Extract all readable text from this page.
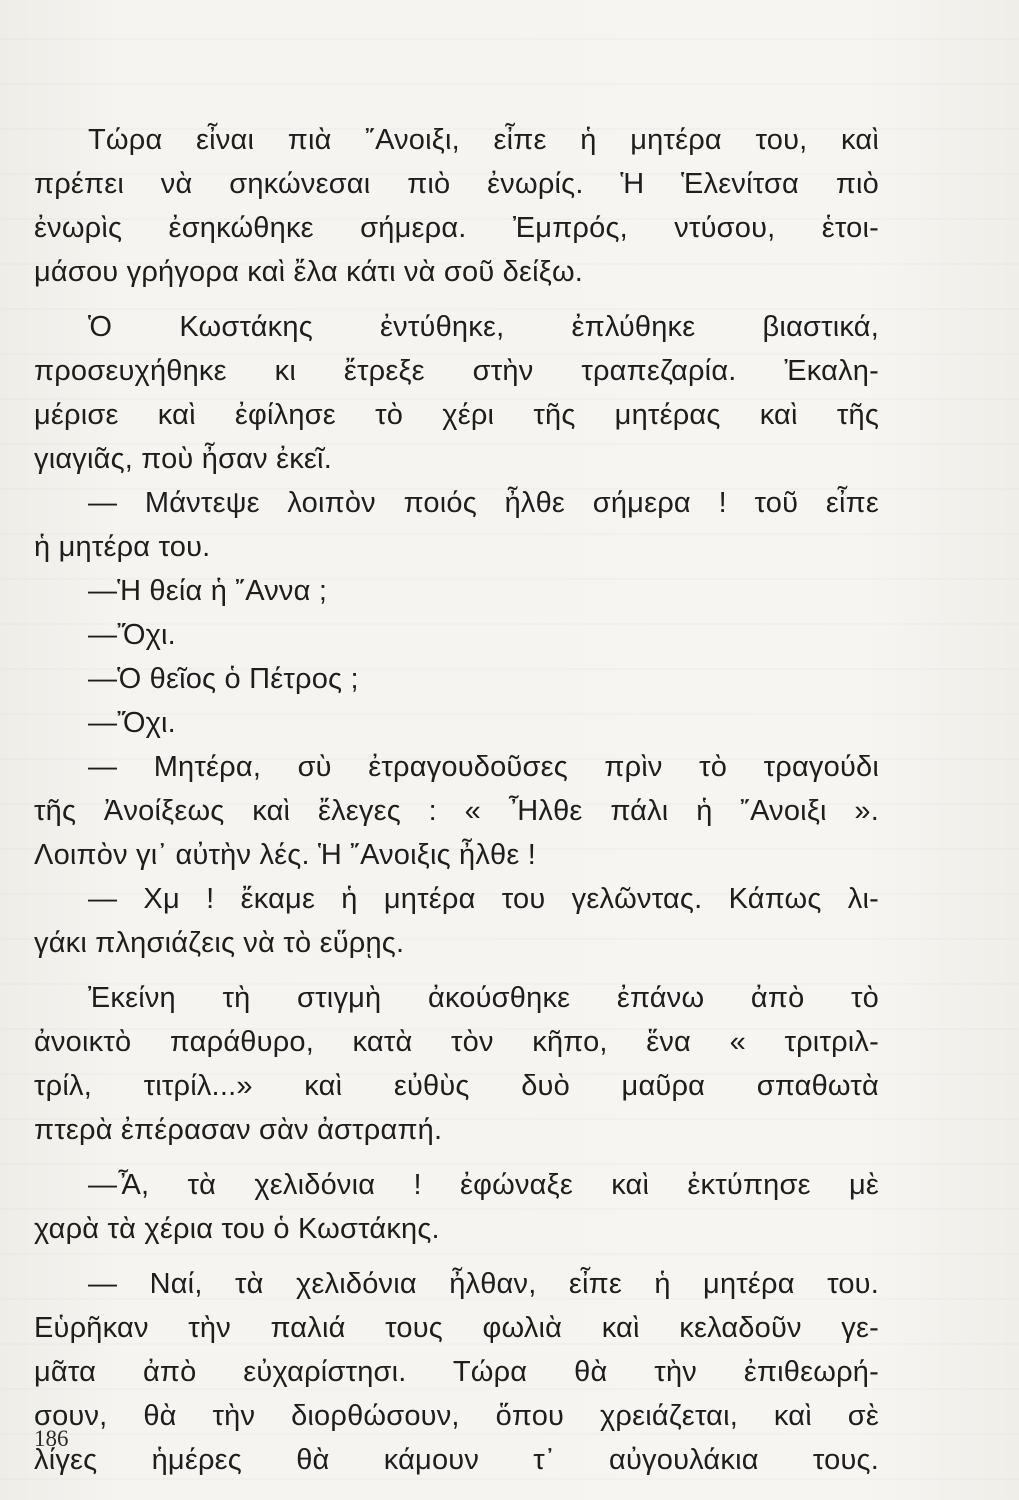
Τώρα εἶναι πιὰ ῎Ανοιξι, εἶπε ἡ μητέρα του, καὶ
πρέπει νὰ σηκώνεσαι πιὸ ἐνωρίς. Ἡ Ἑλενίτσα πιὸ
ἐνωρὶς ἐσηκώθηκε σήμερα. Ἐμπρός, ντύσου, ἑτοι-
μάσου γρήγορα καὶ ἔλα κάτι νὰ σοῦ δείξω.
Ὁ Κωστάκης ἐντύθηκε, ἐπλύθηκε βιαστικά,
προσευχήθηκε κι ἔτρεξε στὴν τραπεζαρία. Ἐκαλη-
μέρισε καὶ ἐφίλησε τὸ χέρι τῆς μητέρας καὶ τῆς
γιαγιᾶς, ποὺ ἦσαν ἐκεῖ.
— Μάντεψε λοιπὸν ποιός ἦλθε σήμερα ! τοῦ εἶπε
ἡ μητέρα του.
—Ἡ θεία ἡ ῎Αννα ;
—Ὄχι.
—Ὁ θεῖος ὁ Πέτρος ;
—Ὄχι.
— Μητέρα, σὺ ἐτραγουδοῦσες πρὶν τὸ τραγούδι
τῆς Ἀνοίξεως καὶ ἔλεγες : « Ἦλθε πάλι ἡ ῎Ανοιξι ».
Λοιπὸν γι᾽ αὐτὴν λές. Ἡ ῎Ανοιξις ἦλθε !
— Χμ ! ἔκαμε ἡ μητέρα του γελῶντας. Κάπως λι-
γάκι πλησιάζεις νὰ τὸ εὕρῃς.
Ἐκείνη τὴ στιγμὴ ἀκούσθηκε ἐπάνω ἀπὸ τὸ
ἀνοικτὸ παράθυρο, κατὰ τὸν κῆπο, ἕνα « τριτριλ-
τρίλ, τιτρίλ...» καὶ εὐθὺς δυὸ μαῦρα σπαθωτὰ
πτερὰ ἐπέρασαν σὰν ἀστραπή.
—Ἆ, τὰ χελιδόνια ! ἐφώναξε καὶ ἐκτύπησε μὲ
χαρὰ τὰ χέρια του ὁ Κωστάκης.
— Ναί, τὰ χελιδόνια ἦλθαν, εἶπε ἡ μητέρα του.
Εὑρῆκαν τὴν παλιά τους φωλιὰ καὶ κελαδοῦν γε-
μᾶτα ἀπὸ εὐχαρίστησι. Τώρα θὰ τὴν ἐπιθεωρή-
σουν, θὰ τὴν διορθώσουν, ὅπου χρειάζεται, καὶ σὲ
λίγες ἡμέρες θὰ κάμουν τ᾽ αὐγουλάκια τους.
186
